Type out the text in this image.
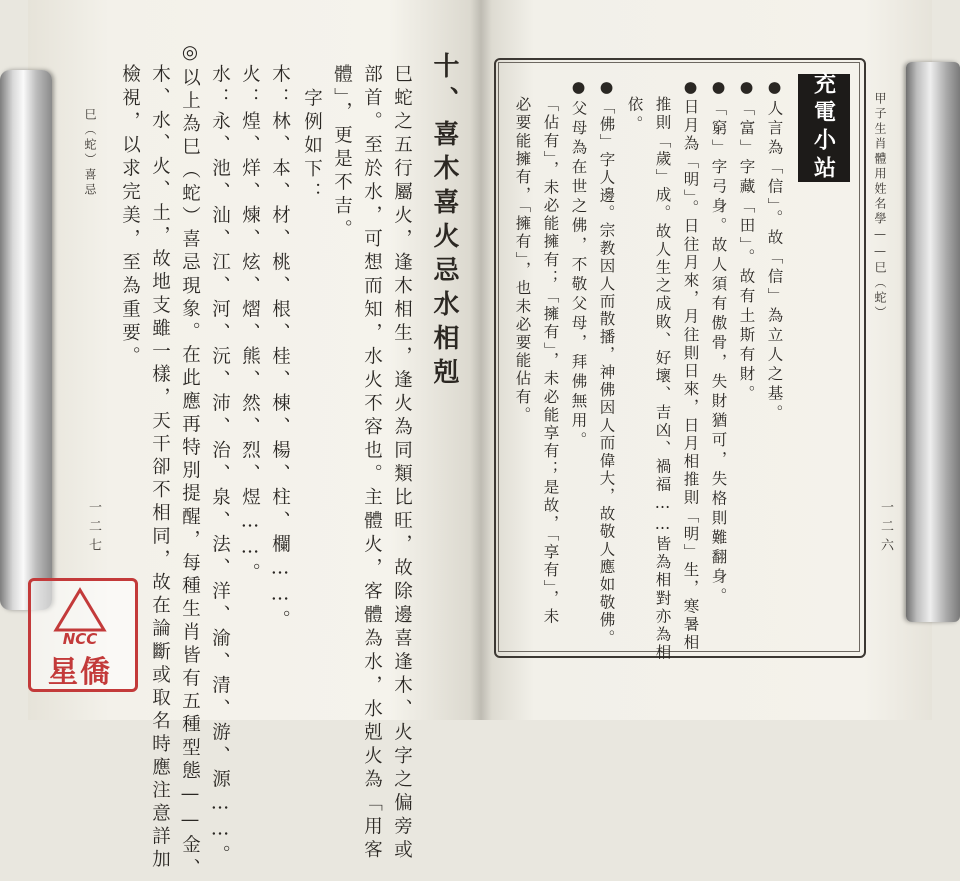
巳（蛇）喜忌
一二七
十、喜木喜火忌水相剋
巳蛇之五行屬火，逢木相生，逢火為同類比旺，故除邊喜逢木、火字之偏旁或
部首。至於水，可想而知，水火不容也。主體火，客體為水，水剋火為「用客
體」，更是不吉。
字例如下：
木：林、本、材、桃、根、桂、棟、楊、柱、欄……。
火：煌、烊、煉、炫、熠、熊、然、烈、煜……。
水：永、池、汕、江、河、沅、沛、治、泉、法、洋、渝、清、游、源……。
◎以上為巳（蛇）喜忌現象。在此應再特別提醒，每種生肖皆有五種型態——金、
木、水、火、土，故地支雖一樣，天干卻不相同，故在論斷或取名時應注意詳加
檢視，以求完美，至為重要。	甲子生肖體用姓名學——巳（蛇）
一二六
充電小站
●人言為「信」。故「信」為立人之基。
●「富」字藏「田」。故有土斯有財。
●「窮」字弓身。故人須有傲骨，失財猶可，失格則難翻身。
●日月為「明」。日往月來，月往則日來，日月相推則「明」生，寒暑相
推則「歲」成。故人生之成敗、好壞、吉凶、禍福……皆為相對亦為相
依。
●「佛」字人邊。宗教因人而散播，神佛因人而偉大，故敬人應如敬佛。
●父母為在世之佛，不敬父母，拜佛無用。
「佔有」，未必能擁有；「擁有」，未必能享有；是故，「享有」，未
必要能擁有，「擁有」，也未必要能佔有。
NCC
星僑
